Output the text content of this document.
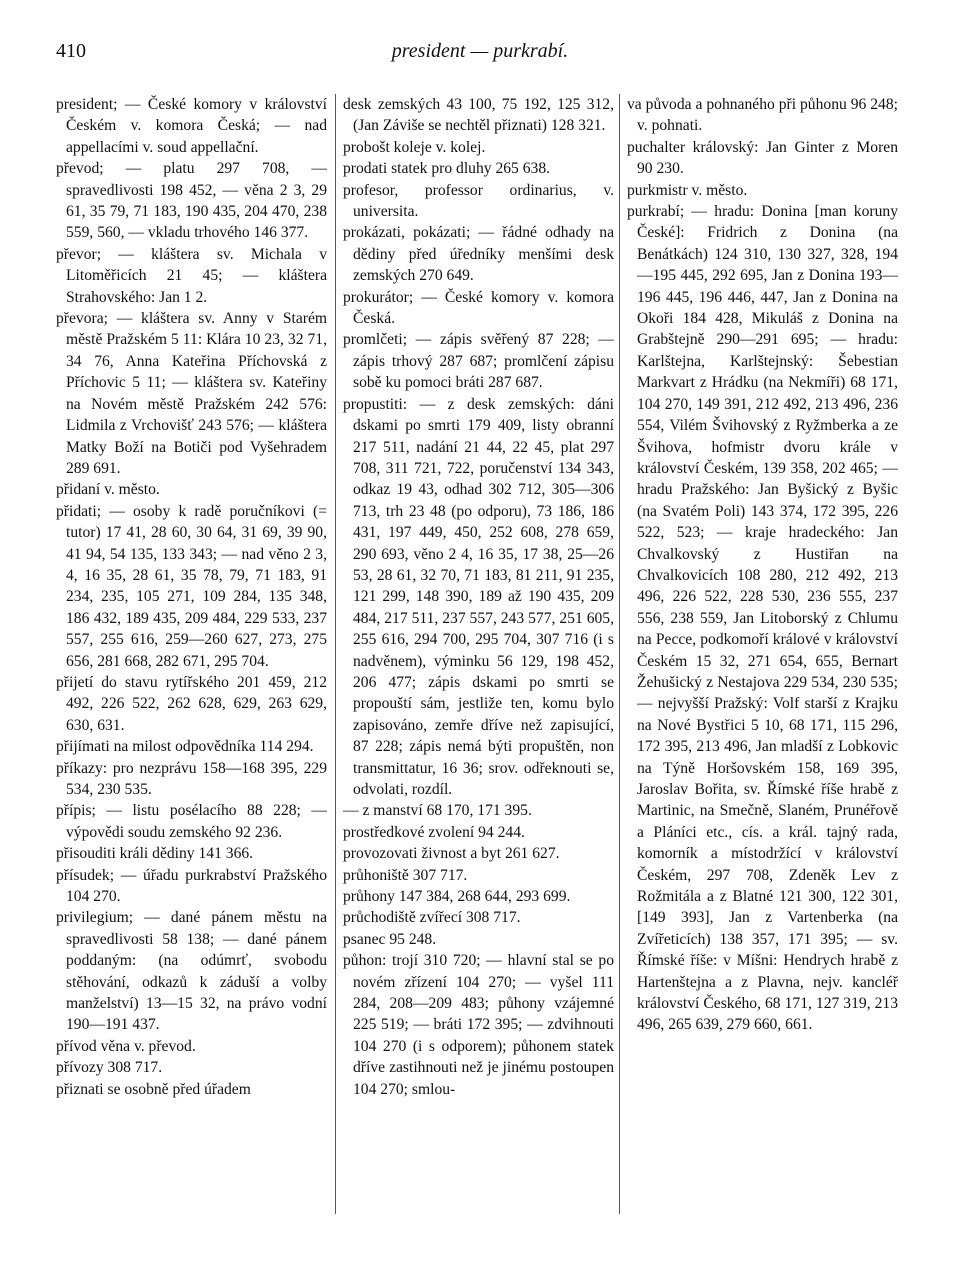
410	president — purkrabí.
president; — České komory v království Českém v. komora Česká; — nad appellacími v. soud appellační.
převod; — platu 297 708, — spravedlivosti 198 452, — věna 2 3, 29 61, 35 79, 71 183, 190 435, 204 470, 238 559, 560, — vkladu trhového 146 377.
převor; — kláštera sv. Michala v Litoměřicích 21 45; — kláštera Strahovského: Jan 1 2.
převora; — kláštera sv. Anny v Starém městě Pražském 5 11: Klára 10 23, 32 71, 34 76, Anna Kateřina Příchovská z Příchovic 5 11; — kláštera sv. Kateřiny na Novém městě Pražském 242 576: Lidmila z Vrchovišť 243 576; — kláštera Matky Boží na Botiči pod Vyšehradem 289 691.
přidaní v. město.
přidati; — osoby k radě poručníkovi (= tutor) 17 41, 28 60, 30 64, 31 69, 39 90, 41 94, 54 135, 133 343; — nad věno 2 3, 4, 16 35, 28 61, 35 78, 79, 71 183, 91 234, 235, 105 271, 109 284, 135 348, 186 432, 189 435, 209 484, 229 533, 237 557, 255 616, 259—260 627, 273, 275 656, 281 668, 282 671, 295 704.
přijetí do stavu rytířského 201 459, 212 492, 226 522, 262 628, 629, 263 629, 630, 631.
přijímati na milost odpovědníka 114 294.
příkazy: pro nezprávu 158—168 395, 229 534, 230 535.
přípis; — listu posélacího 88 228; — výpovědi soudu zemského 92 236.
přisouditi králi dědiny 141 366.
přísudek; — úřadu purkrabství Pražského 104 270.
privilegium; — dané pánem městu na spravedlivosti 58 138; — dané pánem poddaným: (na odúmrť, svobodu stěhování, odkazů k záduší a volby manželství) 13—15 32, na právo vodní 190—191 437.
přívod věna v. převod.
přívozy 308 717.
přiznati se osobně před úřadem
desk zemských 43 100, 75 192, 125 312, (Jan Záviše se nechtěl přiznati) 128 321.
probošt koleje v. kolej.
prodati statek pro dluhy 265 638.
profesor, professor ordinarius, v. universita.
prokázati, pokázati; — řádné odhady na dědiny před úředníky menšími desk zemských 270 649.
prokurátor; — České komory v. komora Česká.
promlčeti; — zápis svěřený 87 228; — zápis trhový 287 687; promlčení zápisu sobě ku pomoci bráti 287 687.
propustiti: — z desk zemských: dáni dskami po smrti 179 409, listy obranní 217 511, nadání 21 44, 22 45, plat 297 708, 311 721, 722, poručenství 134 343, odkaz 19 43, odhad 302 712, 305—306 713, trh 23 48 (po odporu), 73 186, 186 431, 197 449, 450, 252 608, 278 659, 290 693, věno 2 4, 16 35, 17 38, 25—26 53, 28 61, 32 70, 71 183, 81 211, 91 235, 121 299, 148 390, 189 až 190 435, 209 484, 217 511, 237 557, 243 577, 251 605, 255 616, 294 700, 295 704, 307 716 (i s nadvěnem), výminku 56 129, 198 452, 206 477; zápis dskami po smrti se propouští sám, jestliže ten, komu bylo zapisováno, zemře dříve než zapisující, 87 228; zápis nemá býti propuštěn, non transmittatur, 16 36; srov. odřeknouti se, odvolati, rozdíl.
— z manství 68 170, 171 395.
prostředkové zvolení 94 244.
provozovati živnost a byt 261 627.
průhoniště 307 717.
průhony 147 384, 268 644, 293 699.
průchodiště zvířecí 308 717.
psanec 95 248.
půhon: trojí 310 720; — hlavní stal se po novém zřízení 104 270; — vyšel 111 284, 208—209 483; půhony vzájemné 225 519; — bráti 172 395; — zdvihnouti 104 270 (i s odporem); půhonem statek dříve zastihnouti než je jinému postoupen 104 270; smlou-
va původa a pohnaného při půhonu 96 248; v. pohnati.
puchalter královský: Jan Ginter z Moren 90 230.
purkmistr v. město.
purkrabí; — hradu: Donina [man koruny České]: Fridrich z Donina (na Benátkách) 124 310, 130 327, 328, 194—195 445, 292 695, Jan z Donina 193—196 445, 196 446, 447, Jan z Donina na Okoři 184 428, Mikuláš z Donina na Grabštejně 290—291 695; — hradu: Karlštejna, Karlštejnský: Šebestian Markvart z Hrádku (na Nekmíři) 68 171, 104 270, 149 391, 212 492, 213 496, 236 554, Vilém Švihovský z Ryžmberka a ze Švihova, hofmistr dvoru krále v království Českém, 139 358, 202 465; — hradu Pražského: Jan Byšický z Byšic (na Svatém Poli) 143 374, 172 395, 226 522, 523; — kraje hradeckého: Jan Chvalkovský z Hustiřan na Chvalkovicích 108 280, 212 492, 213 496, 226 522, 228 530, 236 555, 237 556, 238 559, Jan Litoborský z Chlumu na Pecce, podkomoří králové v království Českém 15 32, 271 654, 655, Bernart Žehušický z Nestajova 229 534, 230 535; — nejvyšší Pražský: Volf starší z Krajku na Nové Bystřici 5 10, 68 171, 115 296, 172 395, 213 496, Jan mladší z Lobkovic na Týně Horšovském 158, 169 395, Jaroslav Bořita, sv. Římské říše hrabě z Martinic, na Smečně, Slaném, Prunéřově a Pláníci etc., cís. a král. tajný rada, komorník a místodržící v království Českém, 297 708, Zdeněk Lev z Rožmitála a z Blatné 121 300, 122 301, [149 393], Jan z Vartenberka (na Zvířeticích) 138 357, 171 395; — sv. Římské říše: v Míšni: Hendrych hrabě z Hartenštejna a z Plavna, nejv. kancléř království Českého, 68 171, 127 319, 213 496, 265 639, 279 660, 661.
